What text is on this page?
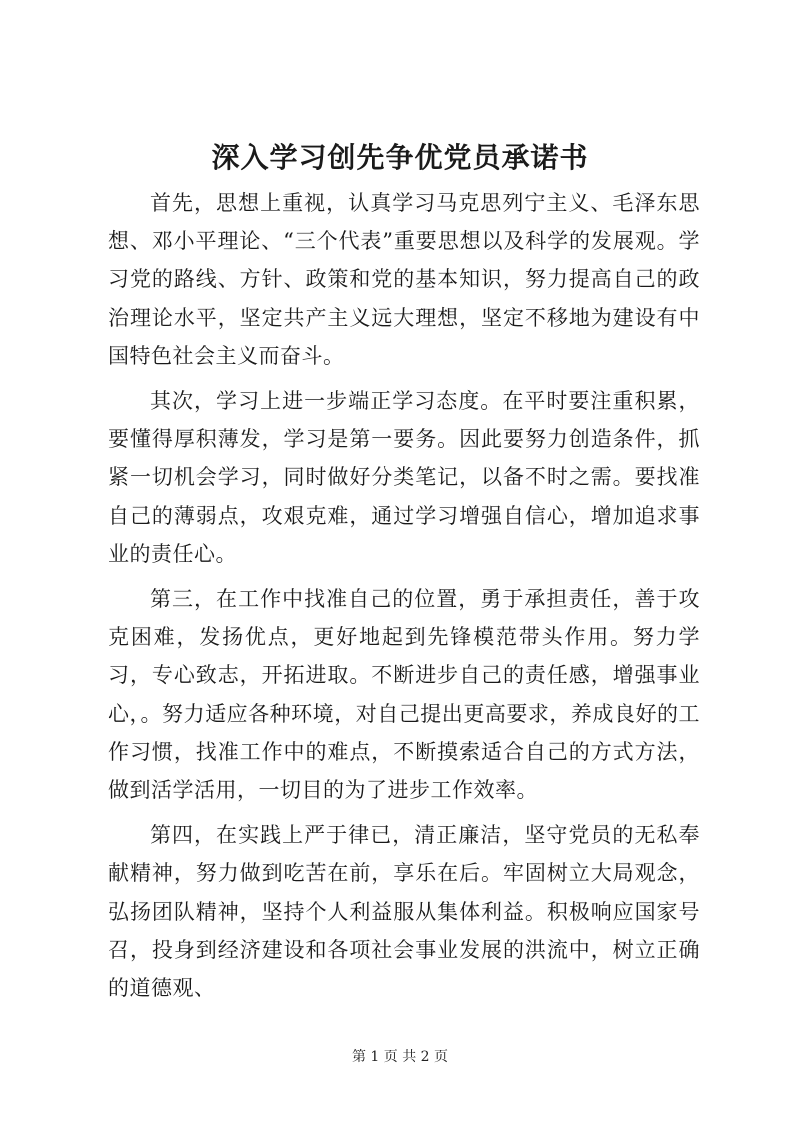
深入学习创先争优党员承诺书

首先，思想上重视，认真学习马克思列宁主义、毛泽东思想、邓小平理论、“三个代表”重要思想以及科学的发展观。学习党的路线、方针、政策和党的基本知识，努力提高自己的政治理论水平，坚定共产主义远大理想，坚定不移地为建设有中国特色社会主义而奋斗。

其次，学习上进一步端正学习态度。在平时要注重积累，要懂得厚积薄发，学习是第一要务。因此要努力创造条件，抓紧一切机会学习，同时做好分类笔记，以备不时之需。要找准自己的薄弱点，攻艰克难，通过学习增强自信心，增加追求事业的责任心。

第三，在工作中找准自己的位置，勇于承担责任，善于攻克困难，发扬优点，更好地起到先锋模范带头作用。努力学习，专心致志，开拓进取。不断进步自己的责任感，增强事业心，。努力适应各种环境，对自己提出更高要求，养成良好的工作习惯，找准工作中的难点，不断摸索适合自己的方式方法，做到活学活用，一切目的为了进步工作效率。

第四，在实践上严于律已，清正廉洁，坚守党员的无私奉献精神，努力做到吃苦在前，享乐在后。牢固树立大局观念，弘扬团队精神，坚持个人利益服从集体利益。积极响应国家号召，投身到经济建设和各项社会事业发展的洪流中，树立正确的道德观、

第 1 页 共 2 页
